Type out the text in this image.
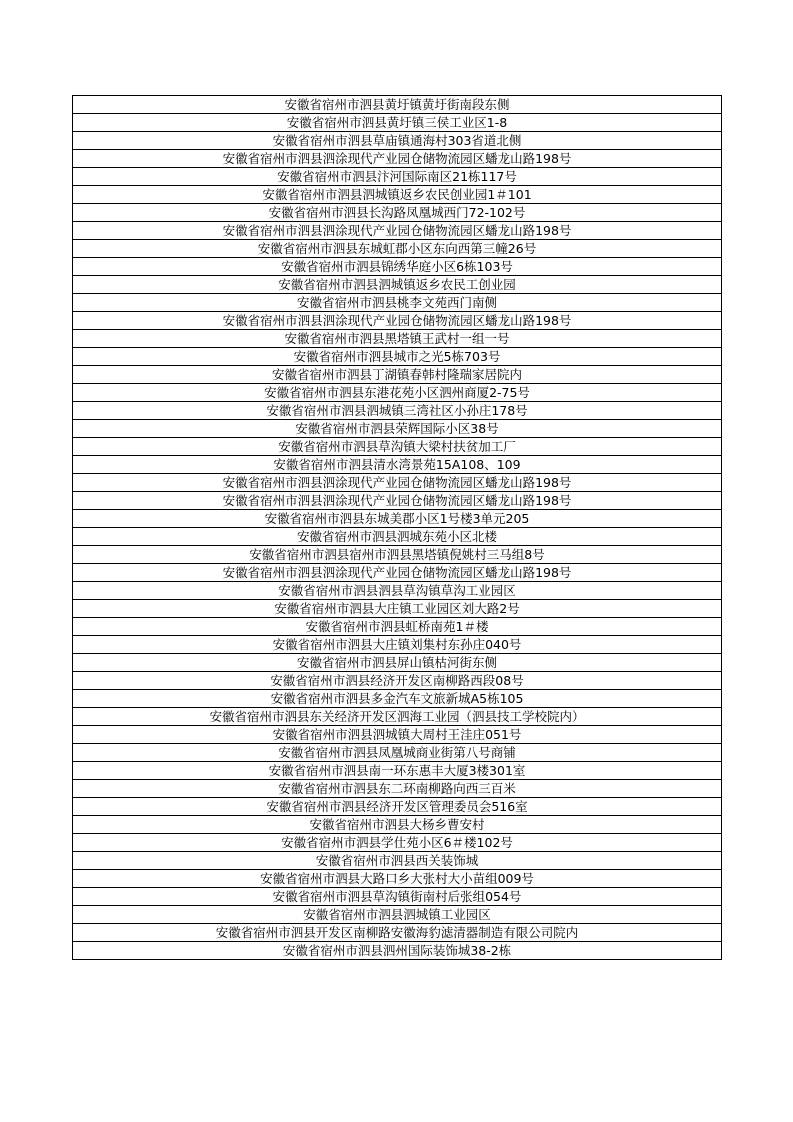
安徽省宿州市泗县黄圩镇黄圩街南段东侧
安徽省宿州市泗县黄圩镇三侯工业区1-8
安徽省宿州市泗县草庙镇通海村303省道北侧
安徽省宿州市泗县泗涂现代产业园仓储物流园区蟠龙山路198号
安徽省宿州市泗县汴河国际南区21栋117号
安徽省宿州市泗县泗城镇返乡农民创业园1＃101
安徽省宿州市泗县长沟路凤凰城西门72-102号
安徽省宿州市泗县泗涂现代产业园仓储物流园区蟠龙山路198号
安徽省宿州市泗县东城虹郡小区东向西第三幢26号
安徽省宿州市泗县锦绣华庭小区6栋103号
安徽省宿州市泗县泗城镇返乡农民工创业园
安徽省宿州市泗县桃李文苑西门南侧
安徽省宿州市泗县泗涂现代产业园仓储物流园区蟠龙山路198号
安徽省宿州市泗县黑塔镇王武村一组一号
安徽省宿州市泗县城市之光5栋703号
安徽省宿州市泗县丁湖镇春韩村隆瑞家居院内
安徽省宿州市泗县东港花苑小区泗州商厦2-75号
安徽省宿州市泗县泗城镇三湾社区小孙庄178号
安徽省宿州市泗县荣辉国际小区38号
安徽省宿州市泗县草沟镇大梁村扶贫加工厂
安徽省宿州市泗县清水湾景苑15A108、109
安徽省宿州市泗县泗涂现代产业园仓储物流园区蟠龙山路198号
安徽省宿州市泗县泗涂现代产业园仓储物流园区蟠龙山路198号
安徽省宿州市泗县东城美郡小区1号楼3单元205
安徽省宿州市泗县泗城东苑小区北楼
安徽省宿州市泗县宿州市泗县黑塔镇倪姚村三马组8号
安徽省宿州市泗县泗涂现代产业园仓储物流园区蟠龙山路198号
安徽省宿州市泗县泗县草沟镇草沟工业园区
安徽省宿州市泗县大庄镇工业园区刘大路2号
安徽省宿州市泗县虹桥南苑1＃楼
安徽省宿州市泗县大庄镇刘集村东孙庄040号
安徽省宿州市泗县屏山镇枯河街东侧
安徽省宿州市泗县经济开发区南柳路西段08号
安徽省宿州市泗县多金汽车文旅新城A5栋105
安徽省宿州市泗县东关经济开发区泗海工业园（泗县技工学校院内）
安徽省宿州市泗县泗城镇大周村王洼庄051号
安徽省宿州市泗县凤凰城商业街第八号商铺
安徽省宿州市泗县南一环东惠丰大厦3楼301室
安徽省宿州市泗县东二环南柳路向西三百米
安徽省宿州市泗县经济开发区管理委员会516室
安徽省宿州市泗县大杨乡曹安村
安徽省宿州市泗县学仕苑小区6＃楼102号
安徽省宿州市泗县西关装饰城
安徽省宿州市泗县大路口乡大张村大小苗组009号
安徽省宿州市泗县草沟镇街南村后张组054号
安徽省宿州市泗县泗城镇工业园区
安徽省宿州市泗县开发区南柳路安徽海豹滤清器制造有限公司院内
安徽省宿州市泗县泗州国际装饰城38-2栋
